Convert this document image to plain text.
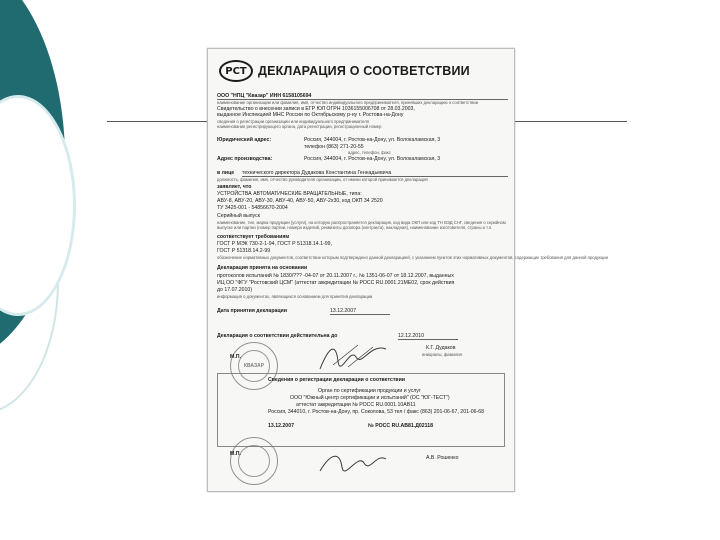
РСТ ДЕКЛАРАЦИЯ О СООТВЕТСТВИИ
ООО "НПЦ "Квазар" ИНН 6158105694
наименование организации или фамилия, имя, отчество индивидуального предпринимателя, принявших декларацию о соответствии
Свидетельство о внесении записи в ЕГР ЮЛ ОГРН 1036155006708 от 28.03.2003,
выданное Инспекцией МНС России по Октябрьскому р-ну г. Ростова-на-Дону
сведения о регистрации организации или индивидуального предпринимателя
наименование регистрирующего органа, дата регистрации, регистрационный номер
Юридический адрес:	Россия, 344004, г. Ростов-на-Дону, ул. Волокаламская, 3
телефон (863) 271-20-55
адрес, телефон, факс
Адрес производства:	Россия, 344004, г. Ростов-на-Дону, ул. Волокаламская, 3
в лице	технического директора Дудакова Константина Геннадьевича
должность, фамилия, имя, отчество руководителя организации, от имени которой принимается декларация
заявляет, что
УСТРОЙСТВА АВТОМАТИЧЕСКИЕ ВРАЩАТЕЛЬНЫЕ, типа:
АВУ-8, АВУ-20, АВУ-30, АВУ-40, АВУ-50, АВУ-2х30, код ОКП 34 2520
ТУ 3425-001 - 54856670-2004
Серийный выпуск
наименование, тип, марка продукции (услуги), на которую распространяется декларация, код вида ОКП или код ТН ВЭД СНГ, сведения о серийном
выпуске или партии (номер партии, номера изделий, реквизиты договора (контракта), накладная), наименование изготовителя, страны и т.п.
соответствует требованиям
ГОСТ Р МЭК 730-2-1-94, ГОСТ Р 51318.14.1-99,
ГОСТ Р 51318.14.2-99
обозначение нормативных документов, соответствие которым подтверждено данной декларацией, с указанием пунктов этих нормативных документов, содержащих требования для данной продукции
Декларация принята на основании
протоколов испытаний № 1830/??? -04-07 от 20.11.2007 г., № 1351-06-07 от 18.12.2007, выданных
ИЦ ОО "ФГУ "Ростовский ЦСМ" (аттестат аккредитации № РОСС RU.0001.21МЕ02, срок действия
до 17.07.2010)
информация о документах, являющихся основанием для принятия декларации
Дата принятия декларации	13.12.2007
Декларация о соответствии действительна до	12.12.2010
КВАЗАР
М.П.
К.Г. Дудаков
инициалы, фамилия
Сведения о регистрации декларации о соответствии
Орган по сертификации продукции и услуг
ООО "Южный центр сертификации и испытаний" (ОС "ЮГ-ТЕСТ")
аттестат аккредитации № РОСС RU.0001.10АВ11
Россия, 344010, г. Ростов-на-Дону, пр. Соколова, 53 тел / факс (863) 201-06-67, 201-06-68
13.12.2007	№ РОСС RU.АВ81.Д02118
М.П.
А.В. Рошенко
